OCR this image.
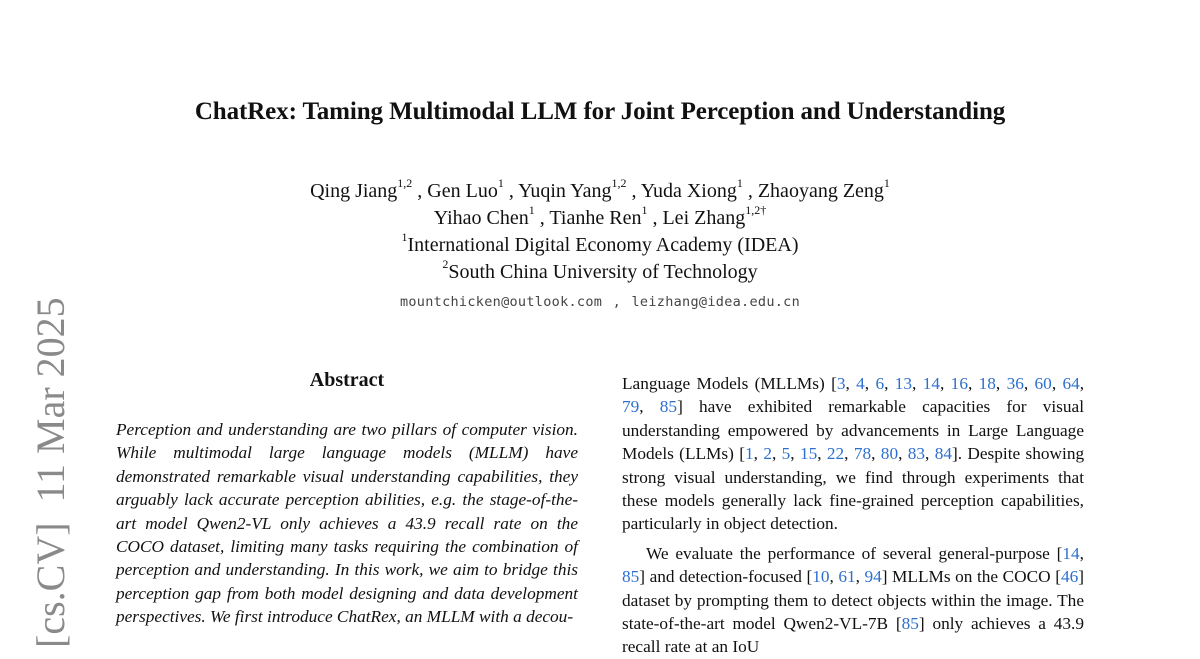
[cs.CV]  11 Mar 2025
ChatRex: Taming Multimodal LLM for Joint Perception and Understanding
Qing Jiang$^{1,2}$ , Gen Luo$^1$ , Yuqin Yang$^{1,2}$ , Yuda Xiong$^1$ , Zhaoyang Zeng$^1$
Yihao Chen$^1$ , Tianhe Ren$^1$ , Lei Zhang$^{1,2\dagger}$
$^1$International Digital Economy Academy (IDEA)
$^2$South China University of Technology
mountchicken@outlook.com , leizhang@idea.edu.cn
Abstract

Perception and understanding are two pillars of computer vision. While multimodal large language models (MLLM) have demonstrated remarkable visual understanding capabilities, they arguably lack accurate perception abilities, e.g. the stage-of-the-art model Qwen2-VL only achieves a 43.9 recall rate on the COCO dataset, limiting many tasks requiring the combination of perception and understanding. In this work, we aim to bridge this perception gap from both model designing and data development perspectives. We first introduce ChatRex, an MLLM with a decou-

Language Models (MLLMs) [3, 4, 6, 13, 14, 16, 18, 36, 60, 64, 79, 85] have exhibited remarkable capacities for visual understanding empowered by advancements in Large Language Models (LLMs) [1, 2, 5, 15, 22, 78, 80, 83, 84]. Despite showing strong visual understanding, we find through experiments that these models generally lack fine-grained perception capabilities, particularly in object detection.

We evaluate the performance of several general-purpose [14, 85] and detection-focused [10, 61, 94] MLLMs on the COCO [46] dataset by prompting them to detect objects within the image. The state-of-the-art model Qwen2-VL-7B [85] only achieves a 43.9 recall rate at an IoU
